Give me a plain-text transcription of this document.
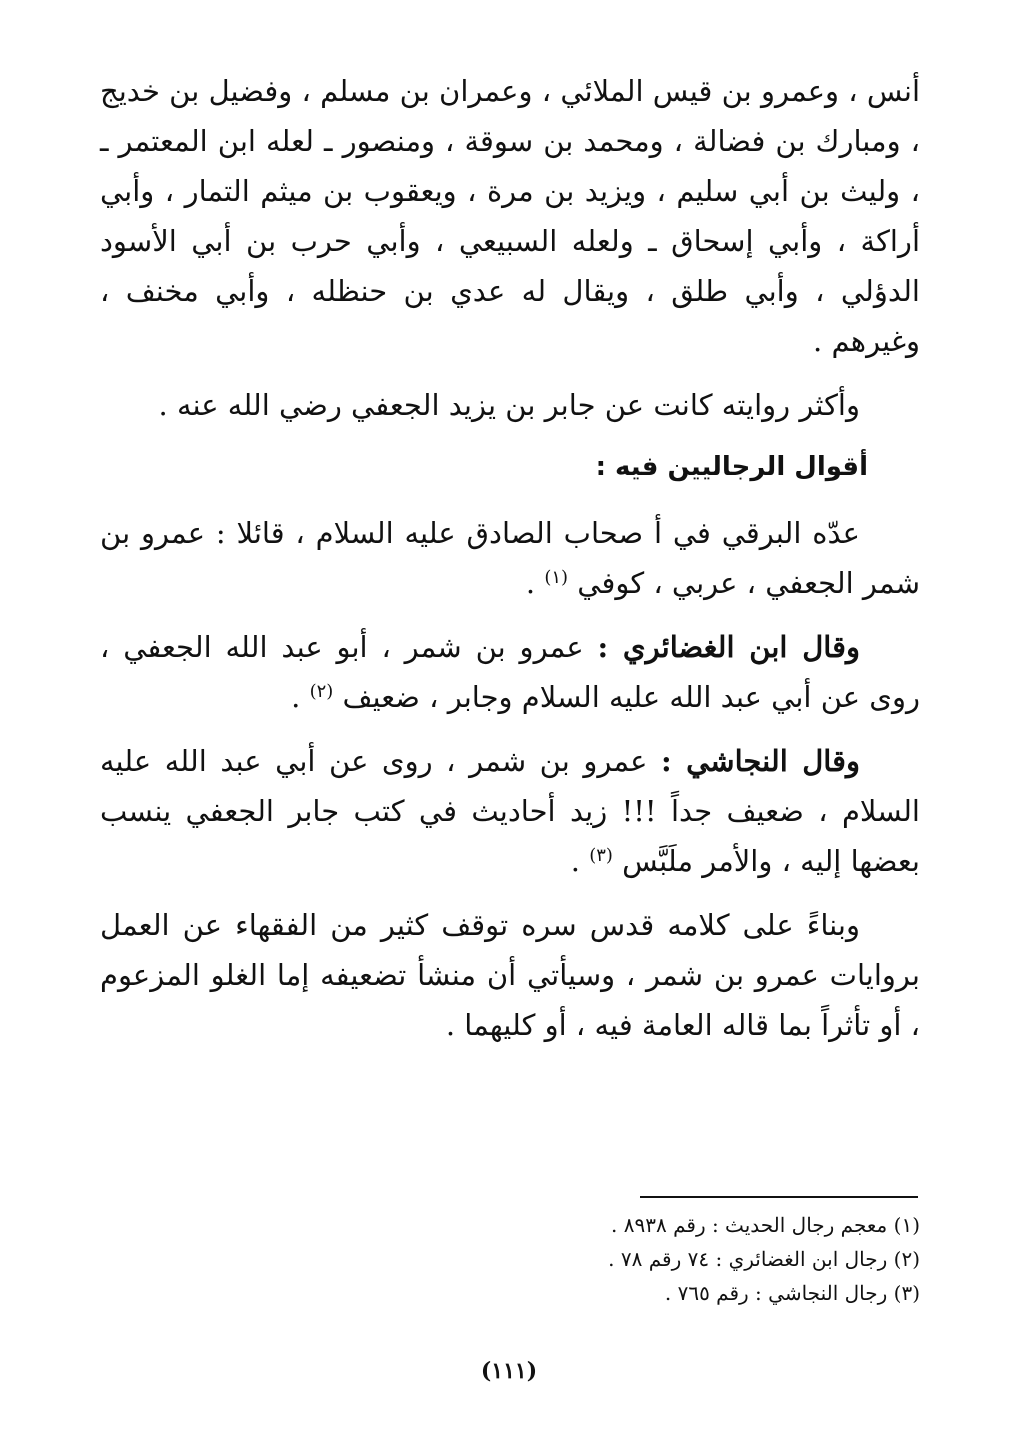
أنس ، وعمرو بن قيس الملائي ، وعمران بن مسلم ، وفضيل بن خديج ، ومبارك بن فضالة ، ومحمد بن سوقة ، ومنصور ـ لعله ابن المعتمر ـ ، وليث بن أبي سليم ، ويزيد بن مرة ، ويعقوب بن ميثم التمار ، وأبي أراكة ، وأبي إسحاق ـ ولعله السبيعي ، وأبي حرب بن أبي الأسود الدؤلي ، وأبي طلق ، ويقال له عدي بن حنظله ، وأبي مخنف ، وغيرهم .

وأكثر روايته كانت عن جابر بن يزيد الجعفي رضي الله عنه .

أقوال الرجاليين فيه :

عدّه البرقي في أ صحاب الصادق عليه السلام ، قائلا : عمرو بن شمر الجعفي ، عربي ، كوفي $^{(١)}$ .

وقال ابن الغضائري : عمرو بن شمر ، أبو عبد الله الجعفي ، روى عن أبي عبد الله عليه السلام وجابر ، ضعيف $^{(٢)}$ .

وقال النجاشي : عمرو بن شمر ، روى عن أبي عبد الله عليه السلام ، ضعيف جداً !!! زيد أحاديث في كتب جابر الجعفي ينسب بعضها إليه ، والأمر ملَبَّس $^{(٣)}$ .

وبناءً على كلامه قدس سره توقف كثير من الفقهاء عن العمل بروايات عمرو بن شمر ، وسيأتي أن منشأ تضعيفه إما الغلو المزعوم ، أو تأثراً بما قاله العامة فيه ، أو كليهما .

(١) معجم رجال الحديث : رقم ٨٩٣٨ .
(٢) رجال ابن الغضائري : ٧٤ رقم ٧٨ .
(٣) رجال النجاشي : رقم ٧٦٥ .
(١١١)
